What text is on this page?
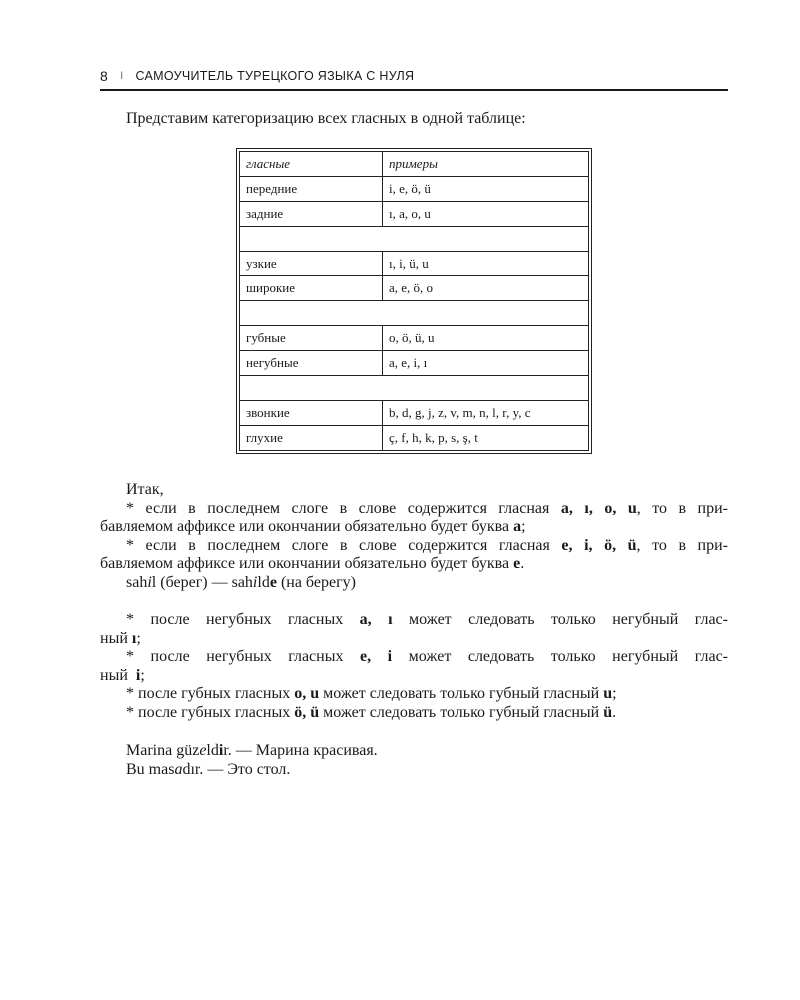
8 I САМОУЧИТЕЛЬ ТУРЕЦКОГО ЯЗЫКА С НУЛЯ
Представим категоризацию всех гласных в одной таблице:
гласные	примеры
передние	i, e, ö, ü
задние	ı, a, o, u

узкие	ı, i, ü, u
широкие	a, e, ö, o

губные	o, ö, ü, u
негубные	a, e, i, ı

звонкие	b, d, g, j, z, v, m, n, l, r, y, c
глухие	ç, f, h, k, p, s, ş, t
Итак,
* если в последнем слоге в слове содержится гласная a, ı, o, u, то в при-
бавляемом аффиксе или окончании обязательно будет буква a;
* если в последнем слоге в слове содержится гласная e, i, ö, ü, то в при-
бавляемом аффиксе или окончании обязательно будет буква e.
sahil (берег) — sahilde (на берегу)
* после негубных гласных a, ı может следовать только негубный глас-
ный ı;
* после негубных гласных e, i может следовать только негубный глас-
ный  i;
* после губных гласных o, u может следовать только губный гласный u;
* после губных гласных ö, ü может следовать только губный гласный ü.
Marina güzeldir. — Марина красивая.
Bu masadır. — Это стол.
